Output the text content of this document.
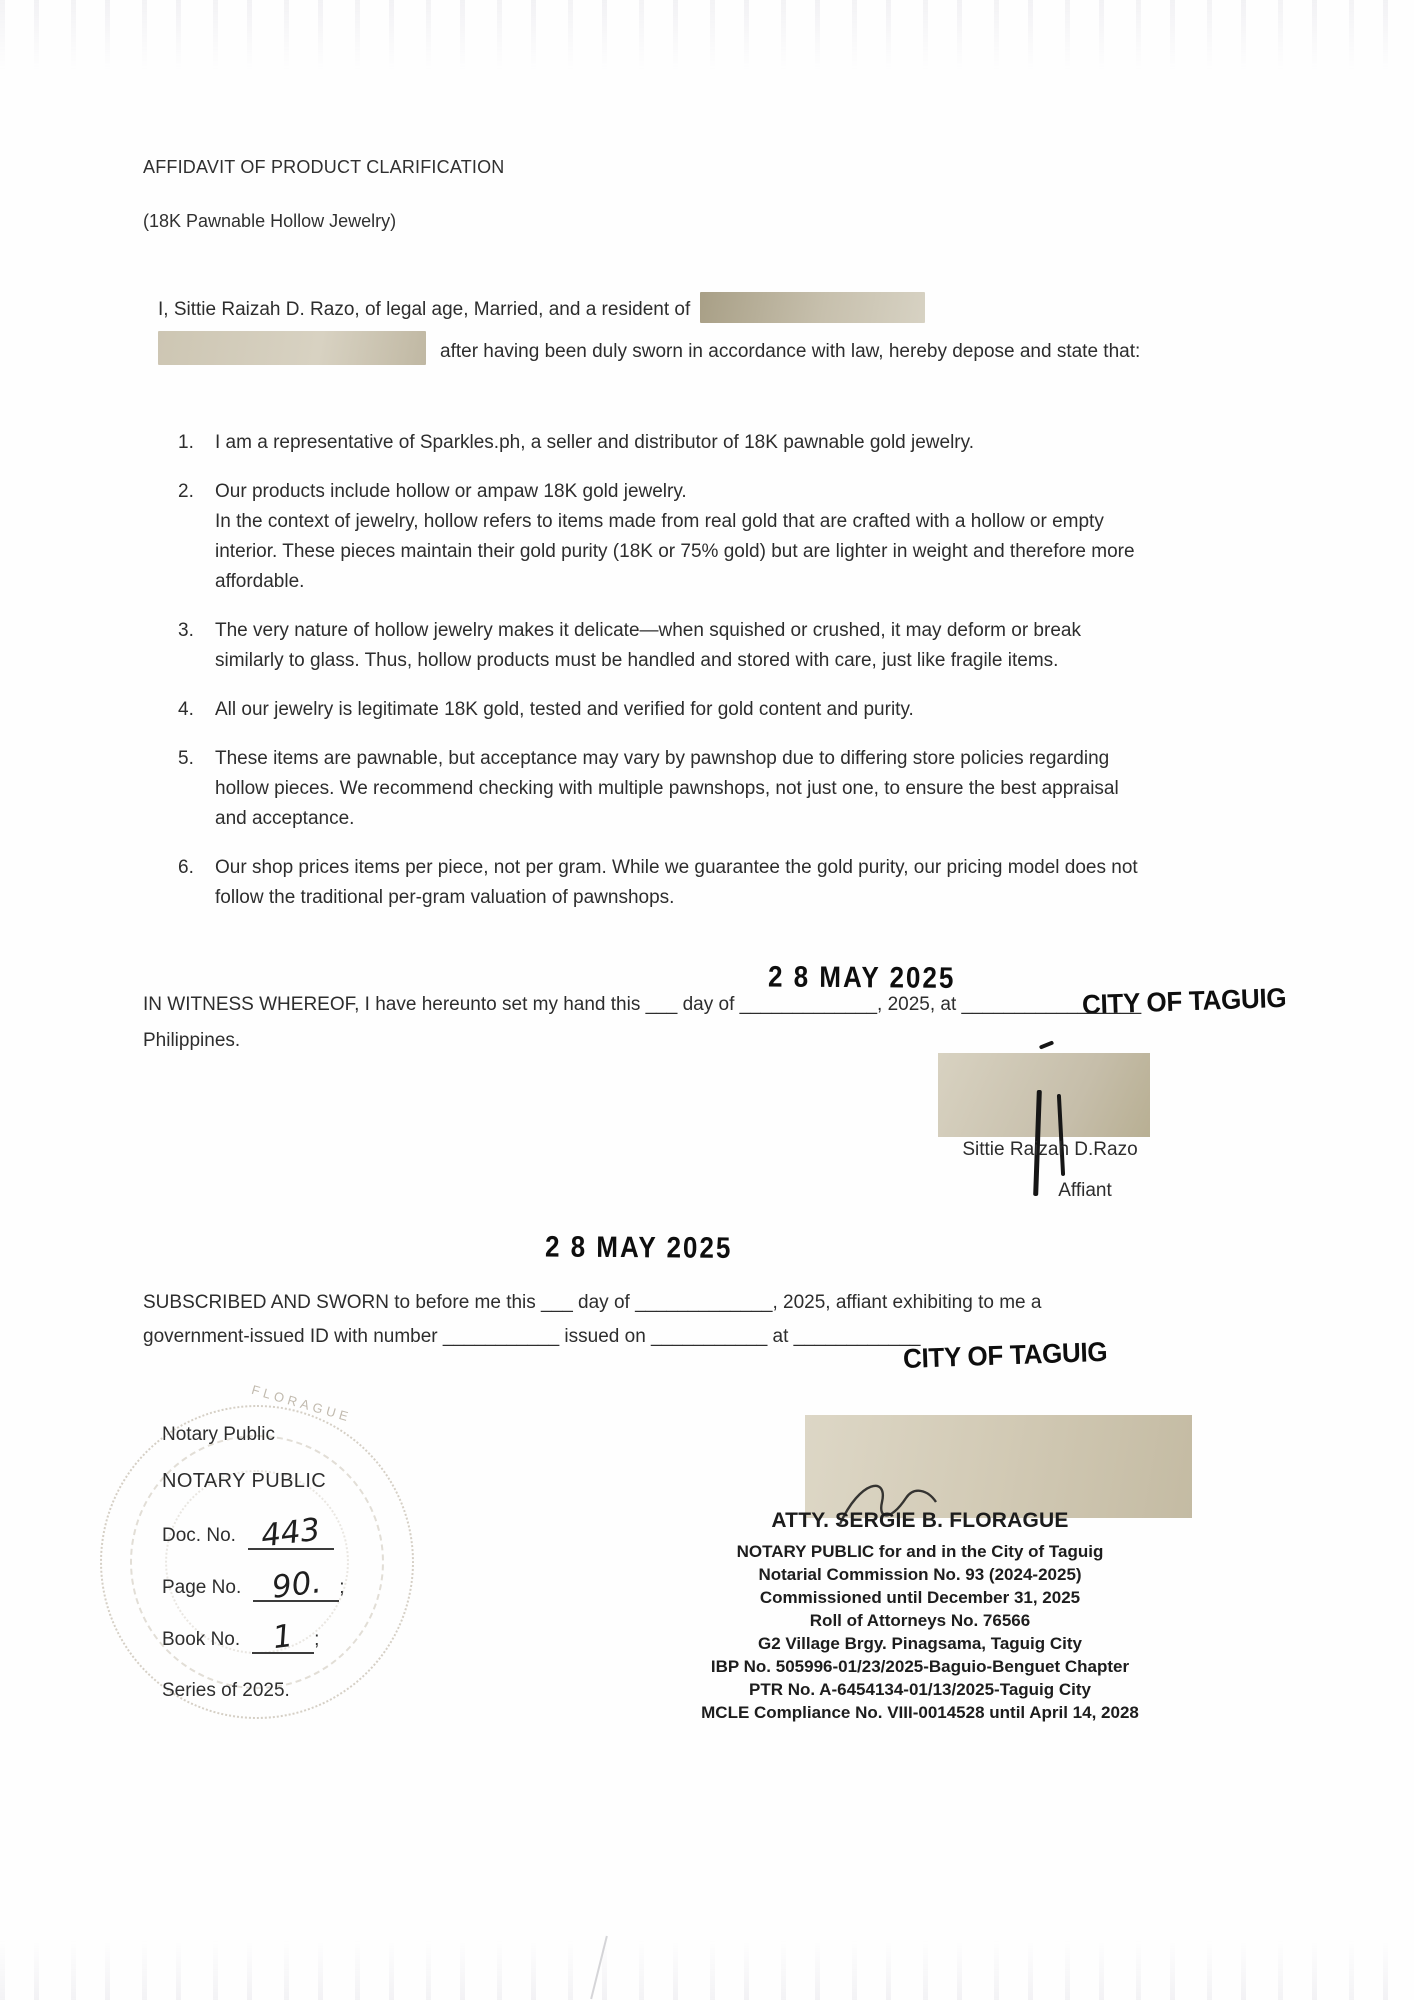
AFFIDAVIT OF PRODUCT CLARIFICATION
(18K Pawnable Hollow Jewelry)
I, Sittie Raizah D. Razo, of legal age, Married, and a resident of
after having been duly sworn in accordance with law, hereby depose and state that:
1.	I am a representative of Sparkles.ph, a seller and distributor of 18K pawnable gold jewelry.
2.	Our products include hollow or ampaw 18K gold jewelry.
In the context of jewelry, hollow refers to items made from real gold that are crafted with a hollow or empty interior. These pieces maintain their gold purity (18K or 75% gold) but are lighter in weight and therefore more affordable.
3.	The very nature of hollow jewelry makes it delicate—when squished or crushed, it may deform or break similarly to glass. Thus, hollow products must be handled and stored with care, just like fragile items.
4.	All our jewelry is legitimate 18K gold, tested and verified for gold content and purity.
5.	These items are pawnable, but acceptance may vary by pawnshop due to differing store policies regarding hollow pieces. We recommend checking with multiple pawnshops, not just one, to ensure the best appraisal and acceptance.
6.	Our shop prices items per piece, not per gram. While we guarantee the gold purity, our pricing model does not follow the traditional per-gram valuation of pawnshops.
2 8 MAY 2025
CITY OF TAGUIG
IN WITNESS WHEREOF, I have hereunto set my hand this ___ day of _____________, 2025, at _________________
Philippines.
Sittie Raizah D.Razo
Affiant
2 8 MAY 2025
SUBSCRIBED AND SWORN to before me this ___ day of _____________, 2025, affiant exhibiting to me a
government-issued ID with number ___________ issued on ___________ at ____________
CITY OF TAGUIG
FLORAGUE
Notary Public
NOTARY PUBLIC
Doc. No. 443
Page No. 90. ;
Book No. 1 ;
Series of 2025.
ATTY. SERGIE B. FLORAGUE
NOTARY PUBLIC for and in the City of Taguig
Notarial Commission No. 93 (2024-2025)
Commissioned until December 31, 2025
Roll of Attorneys No. 76566
G2 Village Brgy. Pinagsama, Taguig City
IBP No. 505996-01/23/2025-Baguio-Benguet Chapter
PTR No. A-6454134-01/13/2025-Taguig City
MCLE Compliance No. VIII-0014528 until April 14, 2028
